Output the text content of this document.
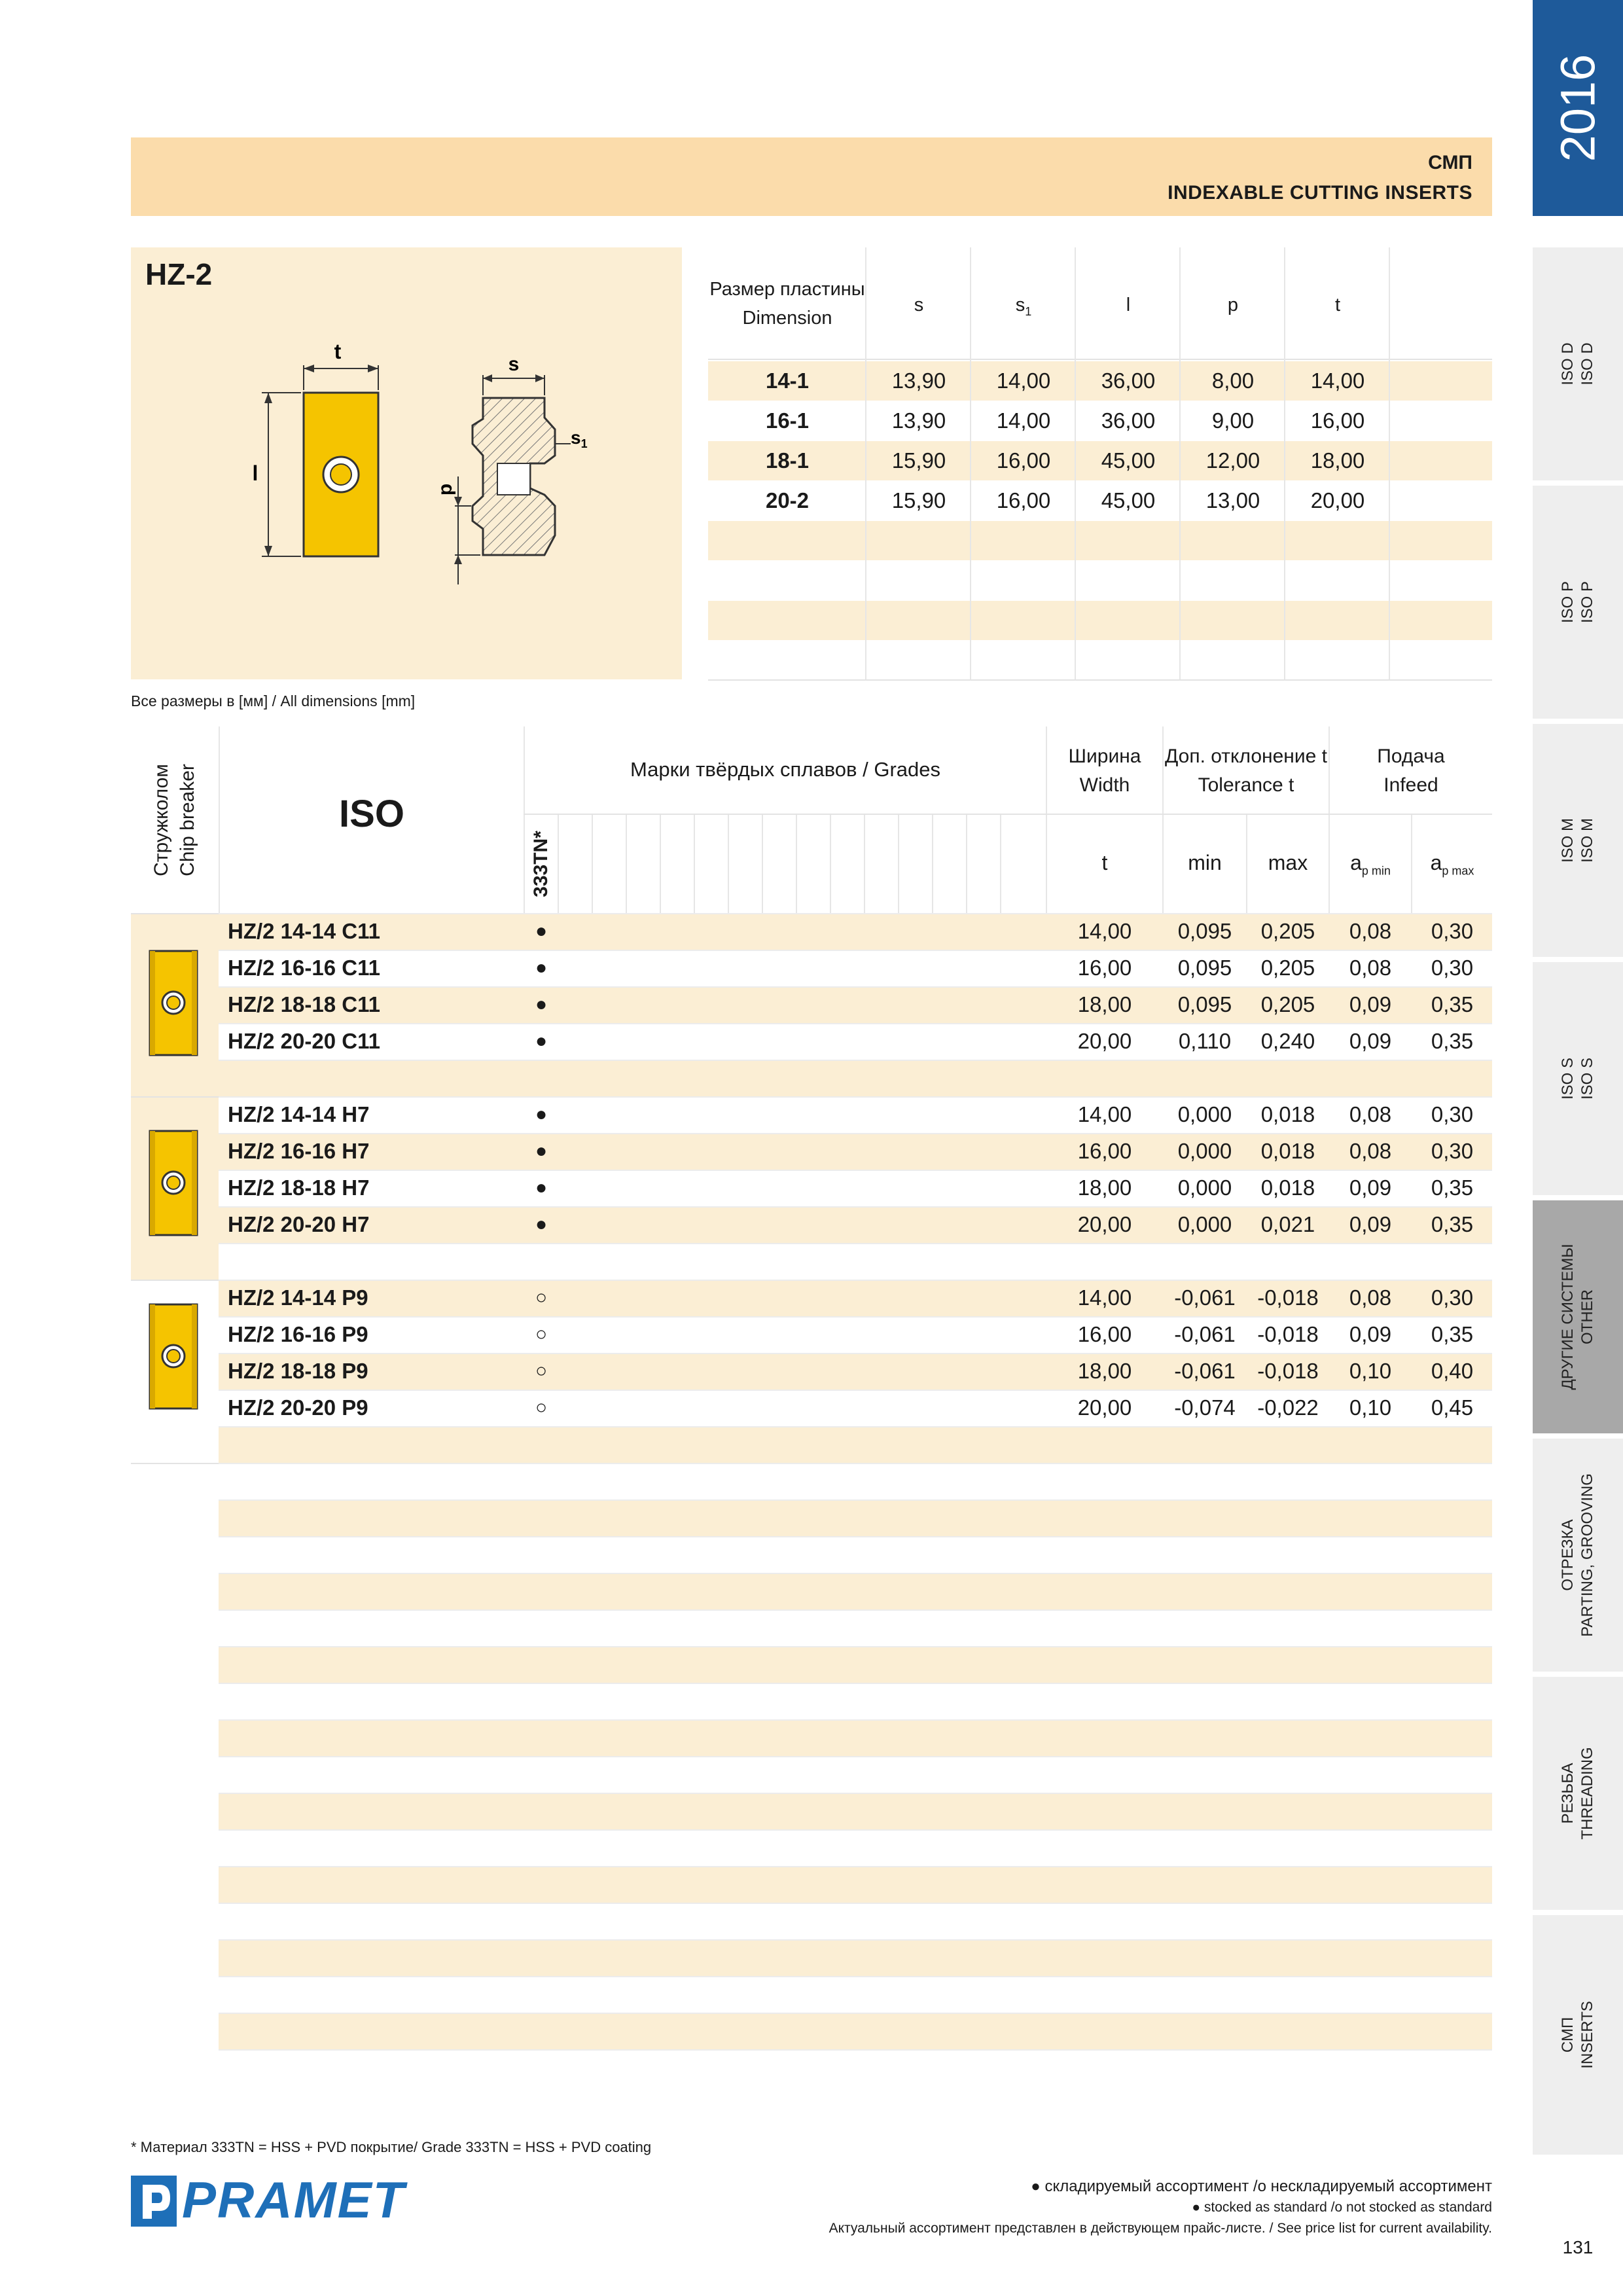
2016
ISO D ISO D
ISO P ISO P
ISO M ISO M
ISO S ISO S
ДРУГИЕ СИСТЕМЫ OTHER
ОТРЕЗКА PARTING, GROOVING
РЕЗЬБА THREADING
СМП INSERTS
СМП
INDEXABLE CUTTING INSERTS
HZ-2
t
l
s
$s_1$
p
Размер пластины
Dimension
s	$s_1$	l	p	t
14-1	13,90	14,00	36,00	8,00	14,00
16-1	13,90	14,00	36,00	9,00	16,00
18-1	15,90	16,00	45,00	12,00	18,00
20-2	15,90	16,00	45,00	13,00	20,00
Все размеры в [мм] / All dimensions [mm]
Стружколом Chip breaker	ISO
Марки твёрдых сплавов / Grades
333TN*
Ширина
Width
Доп. отклонение t
Tolerance t
Подача
Infeed
t	min	max	$a_{p min}$	$a_{p max}$
HZ/2 14-14 C11	●	14,00	0,095	0,205	0,08	0,30
HZ/2 16-16 C11	●	16,00	0,095	0,205	0,08	0,30
HZ/2 18-18 C11	●	18,00	0,095	0,205	0,09	0,35
HZ/2 20-20 C11	●	20,00	0,110	0,240	0,09	0,35
HZ/2 14-14 H7	●	14,00	0,000	0,018	0,08	0,30
HZ/2 16-16 H7	●	16,00	0,000	0,018	0,08	0,30
HZ/2 18-18 H7	●	18,00	0,000	0,018	0,09	0,35
HZ/2 20-20 H7	●	20,00	0,000	0,021	0,09	0,35
HZ/2 14-14 P9	○	14,00	-0,061	-0,018	0,08	0,30
HZ/2 16-16 P9	○	16,00	-0,061	-0,018	0,09	0,35
HZ/2 18-18 P9	○	18,00	-0,061	-0,018	0,10	0,40
HZ/2 20-20 P9	○	20,00	-0,074	-0,022	0,10	0,45
* Материал 333TN = HSS + PVD покрытие/ Grade 333TN = HSS + PVD coating
PRAMET	● складируемый ассортимент /о нескладируемый ассортимент
● stocked as standard /o not stocked as standard
Актуальный ассортимент представлен в действующем прайс-листе. / See price list for current availability.
131
